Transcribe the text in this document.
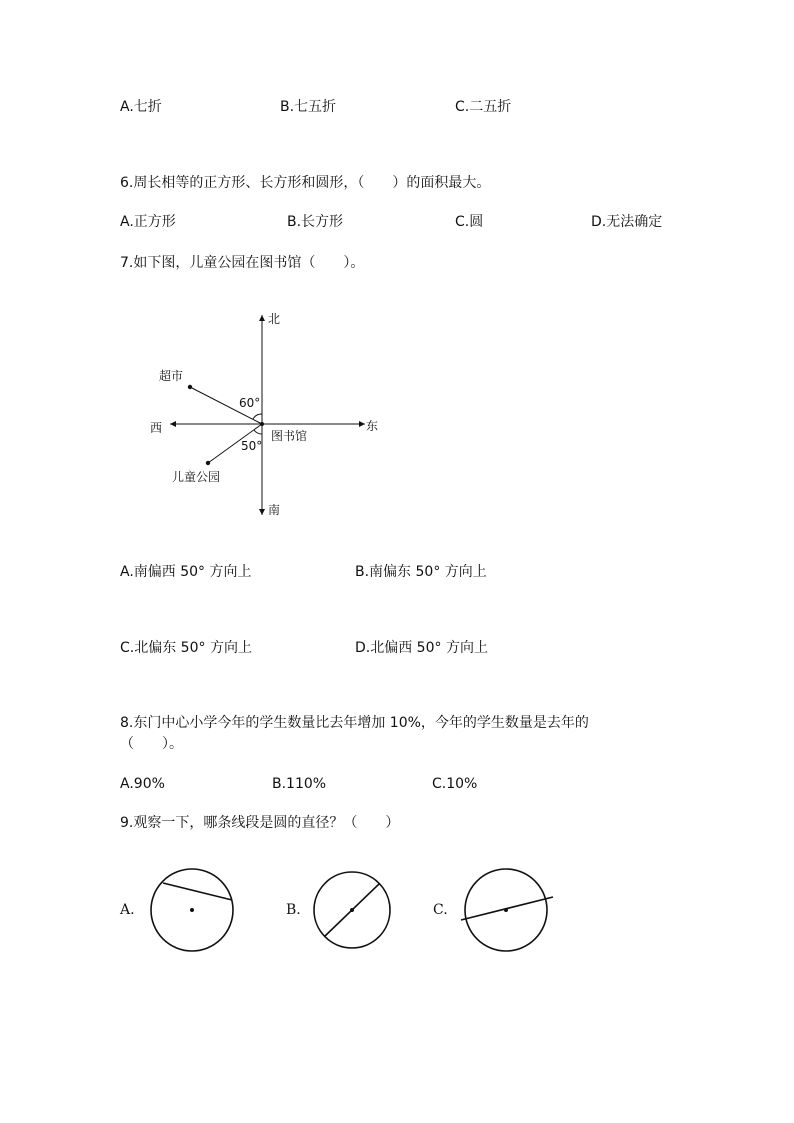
A.七折	B.七五折	C.二五折
6.周长相等的正方形、长方形和圆形，（　　）的面积最大。
A.正方形	B.长方形	C.圆	D.无法确定
7.如下图，儿童公园在图书馆（　　）。
北
南
东
西
图书馆
超市
儿童公园
60°
50°
A.南偏西 50° 方向上	B.南偏东 50° 方向上
C.北偏东 50° 方向上	D.北偏西 50° 方向上
8.东门中心小学今年的学生数量比去年增加 10%，今年的学生数量是去年的
（　　）。
A.90%	B.110%	C.10%
9.观察一下，哪条线段是圆的直径？（　　）
A.	B.	C.
